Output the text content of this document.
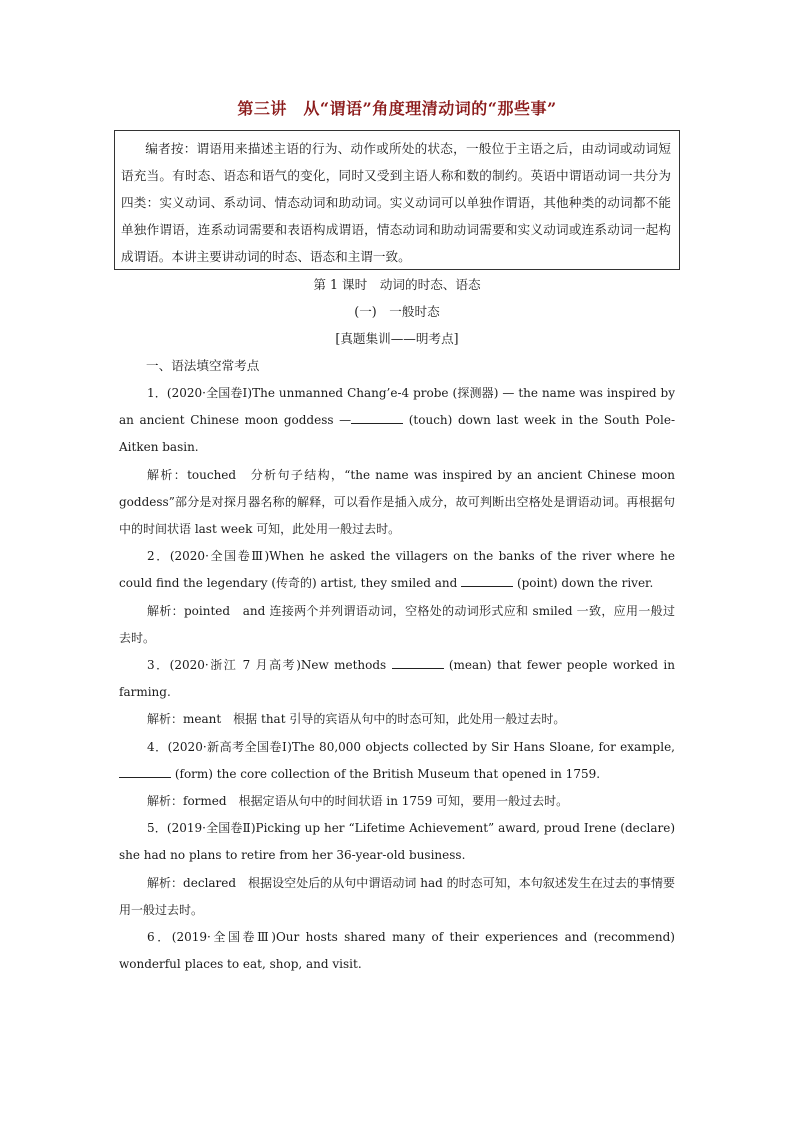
第三讲　从“谓语”角度理清动词的“那些事”
编者按：谓语用来描述主语的行为、动作或所处的状态，一般位于主语之后，由动词或动词短语充当。有时态、语态和语气的变化，同时又受到主语人称和数的制约。英语中谓语动词一共分为四类：实义动词、系动词、情态动词和助动词。实义动词可以单独作谓语，其他种类的动词都不能单独作谓语，连系动词需要和表语构成谓语，情态动词和助动词需要和实义动词或连系动词一起构成谓语。本讲主要讲动词的时态、语态和主谓一致。
第 1 课时　动词的时态、语态
(一)　一般时态
[真题集训——明考点]
一、语法填空常考点

1．(2020·全国卷Ⅰ)The unmanned Chang’e-4 probe (探测器) — the name was inspired by an ancient Chinese moon goddess —	(touch) down last week in the South Pole-Aitken basin.

解析：touched　分析句子结构，“the name was inspired by an ancient Chinese moon goddess”部分是对探月器名称的解释，可以看作是插入成分，故可判断出空格处是谓语动词。再根据句中的时间状语 last week 可知，此处用一般过去时。

2．(2020·全国卷Ⅲ)When he asked the villagers on the banks of the river where he could find the legendary (传奇的) artist, they smiled and	(point) down the river.

解析：pointed　and 连接两个并列谓语动词，空格处的动词形式应和 smiled 一致，应用一般过去时。

3．(2020·浙江 7 月高考)New methods	(mean) that fewer people worked in farming.

解析：meant　根据 that 引导的宾语从句中的时态可知，此处用一般过去时。

4．(2020·新高考全国卷Ⅰ)The 80,000 objects collected by Sir Hans Sloane, for example,  (form) the core collection of the British Museum that opened in 1759.

解析：formed　根据定语从句中的时间状语 in 1759 可知，要用一般过去时。

5．(2019·全国卷Ⅱ)Picking up her “Lifetime Achievement” award, proud Irene (declare) she had no plans to retire from her 36-year-old business.

解析：declared　根据设空处后的从句中谓语动词 had 的时态可知，本句叙述发生在过去的事情要用一般过去时。

6．(2019·全国卷Ⅲ)Our hosts shared many of their experiences and (recommend) wonderful places to eat, shop, and visit.
